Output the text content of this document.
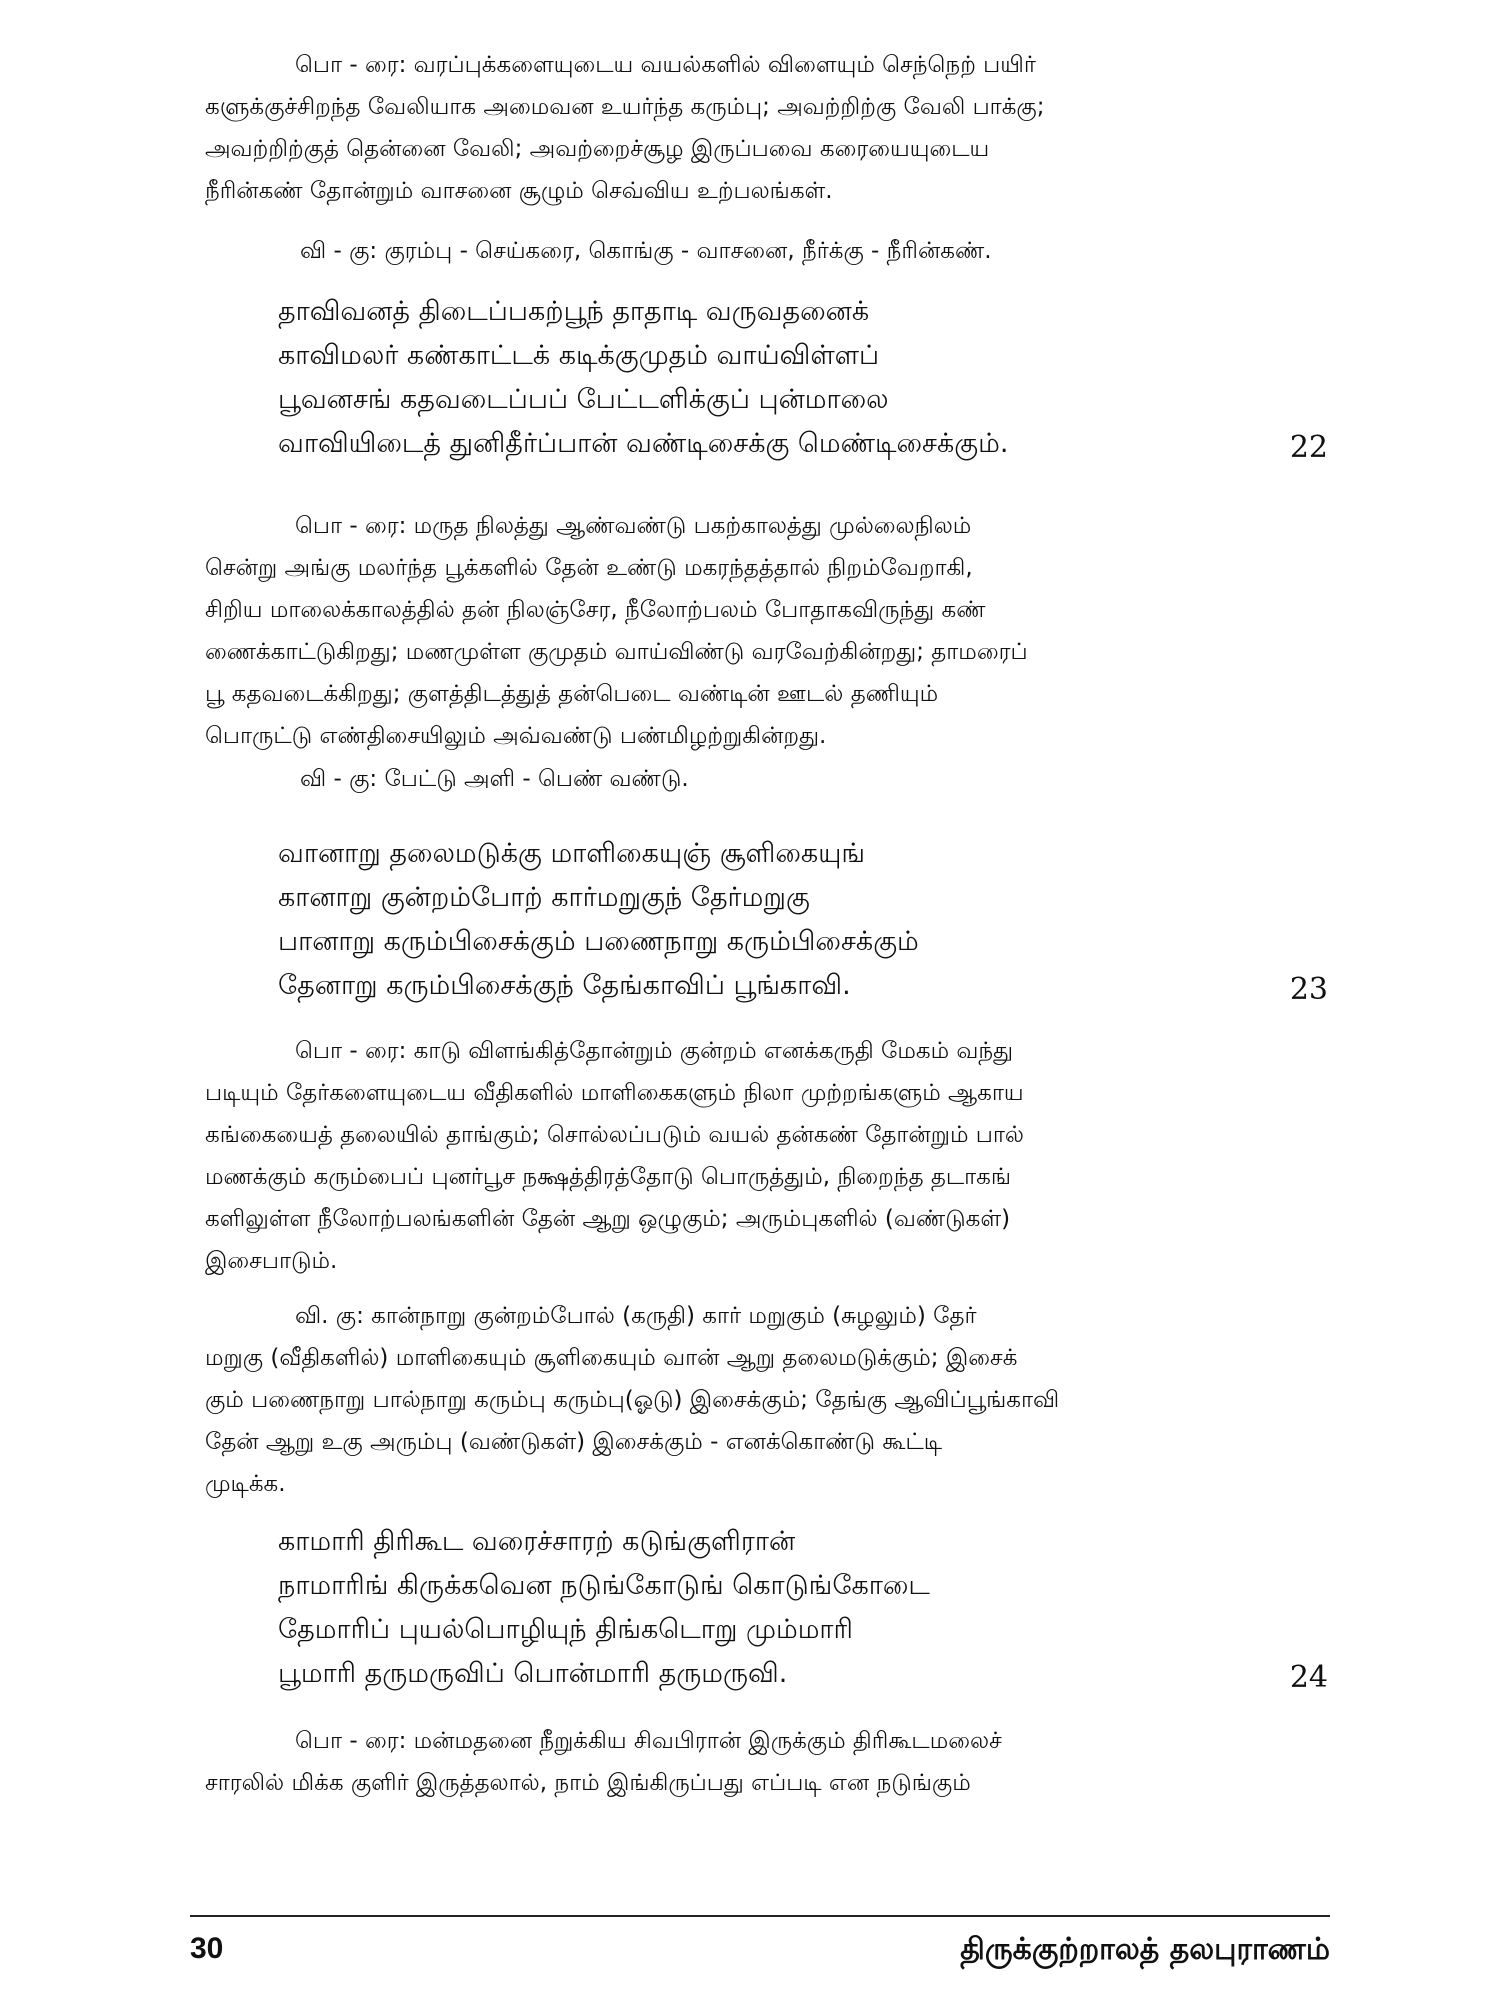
பொ - ரை: வரப்புக்களையுடைய வயல்களில் விளையும் செந்நெற் பயிர்
களுக்குச்சிறந்த வேலியாக அமைவன உயர்ந்த கரும்பு; அவற்றிற்கு வேலி பாக்கு;
அவற்றிற்குத் தென்னை வேலி; அவற்றைச்சூழ இருப்பவை கரையையுடைய
நீரின்கண் தோன்றும் வாசனை சூழும் செவ்விய உற்பலங்கள்.
வி - கு: குரம்பு - செய்கரை, கொங்கு - வாசனை, நீர்க்கு - நீரின்கண்.
தாவிவனத் திடைப்பகற்பூந் தாதாடி வருவதனைக்
காவிமலர் கண்காட்டக் கடிக்குமுதம் வாய்விள்ளப்
பூவனசங் கதவடைப்பப் பேட்டளிக்குப் புன்மாலை
வாவியிடைத் துனிதீர்ப்பான் வண்டிசைக்கு மெண்டிசைக்கும்.	22
பொ - ரை: மருத நிலத்து ஆண்வண்டு பகற்காலத்து முல்லைநிலம்
சென்று அங்கு மலர்ந்த பூக்களில் தேன் உண்டு மகரந்தத்தால் நிறம்வேறாகி,
சிறிய மாலைக்காலத்தில் தன் நிலஞ்சேர, நீலோற்பலம் போதாகவிருந்து கண்
ணைக்காட்டுகிறது; மணமுள்ள குமுதம் வாய்விண்டு வரவேற்கின்றது; தாமரைப்
பூ கதவடைக்கிறது; குளத்திடத்துத் தன்பெடை வண்டின் ஊடல் தணியும்
பொருட்டு எண்திசையிலும் அவ்வண்டு பண்மிழற்றுகின்றது.
வி - கு: பேட்டு அளி - பெண் வண்டு.
வானாறு தலைமடுக்கு மாளிகையுஞ் சூளிகையுங்
கானாறு குன்றம்போற் கார்மறுகுந் தேர்மறுகு
பானாறு கரும்பிசைக்கும் பணைநாறு கரும்பிசைக்கும்
தேனாறு கரும்பிசைக்குந் தேங்காவிப் பூங்காவி.	23
பொ - ரை: காடு விளங்கித்தோன்றும் குன்றம் எனக்கருதி மேகம் வந்து
படியும் தேர்களையுடைய வீதிகளில் மாளிகைகளும் நிலா முற்றங்களும் ஆகாய
கங்கையைத் தலையில் தாங்கும்; சொல்லப்படும் வயல் தன்கண் தோன்றும் பால்
மணக்கும் கரும்பைப் புனர்பூச நக்ஷத்திரத்தோடு பொருத்தும், நிறைந்த தடாகங்
களிலுள்ள நீலோற்பலங்களின் தேன் ஆறு ஒழுகும்; அரும்புகளில் (வண்டுகள்)
இசைபாடும்.
வி. கு: கான்நாறு குன்றம்போல் (கருதி) கார் மறுகும் (சுழலும்) தேர்
மறுகு (வீதிகளில்) மாளிகையும் சூளிகையும் வான் ஆறு தலைமடுக்கும்; இசைக்
கும் பணைநாறு பால்நாறு கரும்பு கரும்பு(ஓடு) இசைக்கும்; தேங்கு ஆவிப்பூங்காவி
தேன் ஆறு உகு அரும்பு (வண்டுகள்) இசைக்கும் - எனக்கொண்டு கூட்டி
முடிக்க.
காமாரி திரிகூட வரைச்சாரற் கடுங்குளிரான்
நாமாரிங் கிருக்கவென நடுங்கோடுங் கொடுங்கோடை
தேமாரிப் புயல்பொழியுந் திங்கடொறு மும்மாரி
பூமாரி தருமருவிப் பொன்மாரி தருமருவி.	24
பொ - ரை: மன்மதனை நீறுக்கிய சிவபிரான் இருக்கும் திரிகூடமலைச்
சாரலில் மிக்க குளிர் இருத்தலால், நாம் இங்கிருப்பது எப்படி என நடுங்கும்
30	திருக்குற்றாலத் தலபுராணம்
